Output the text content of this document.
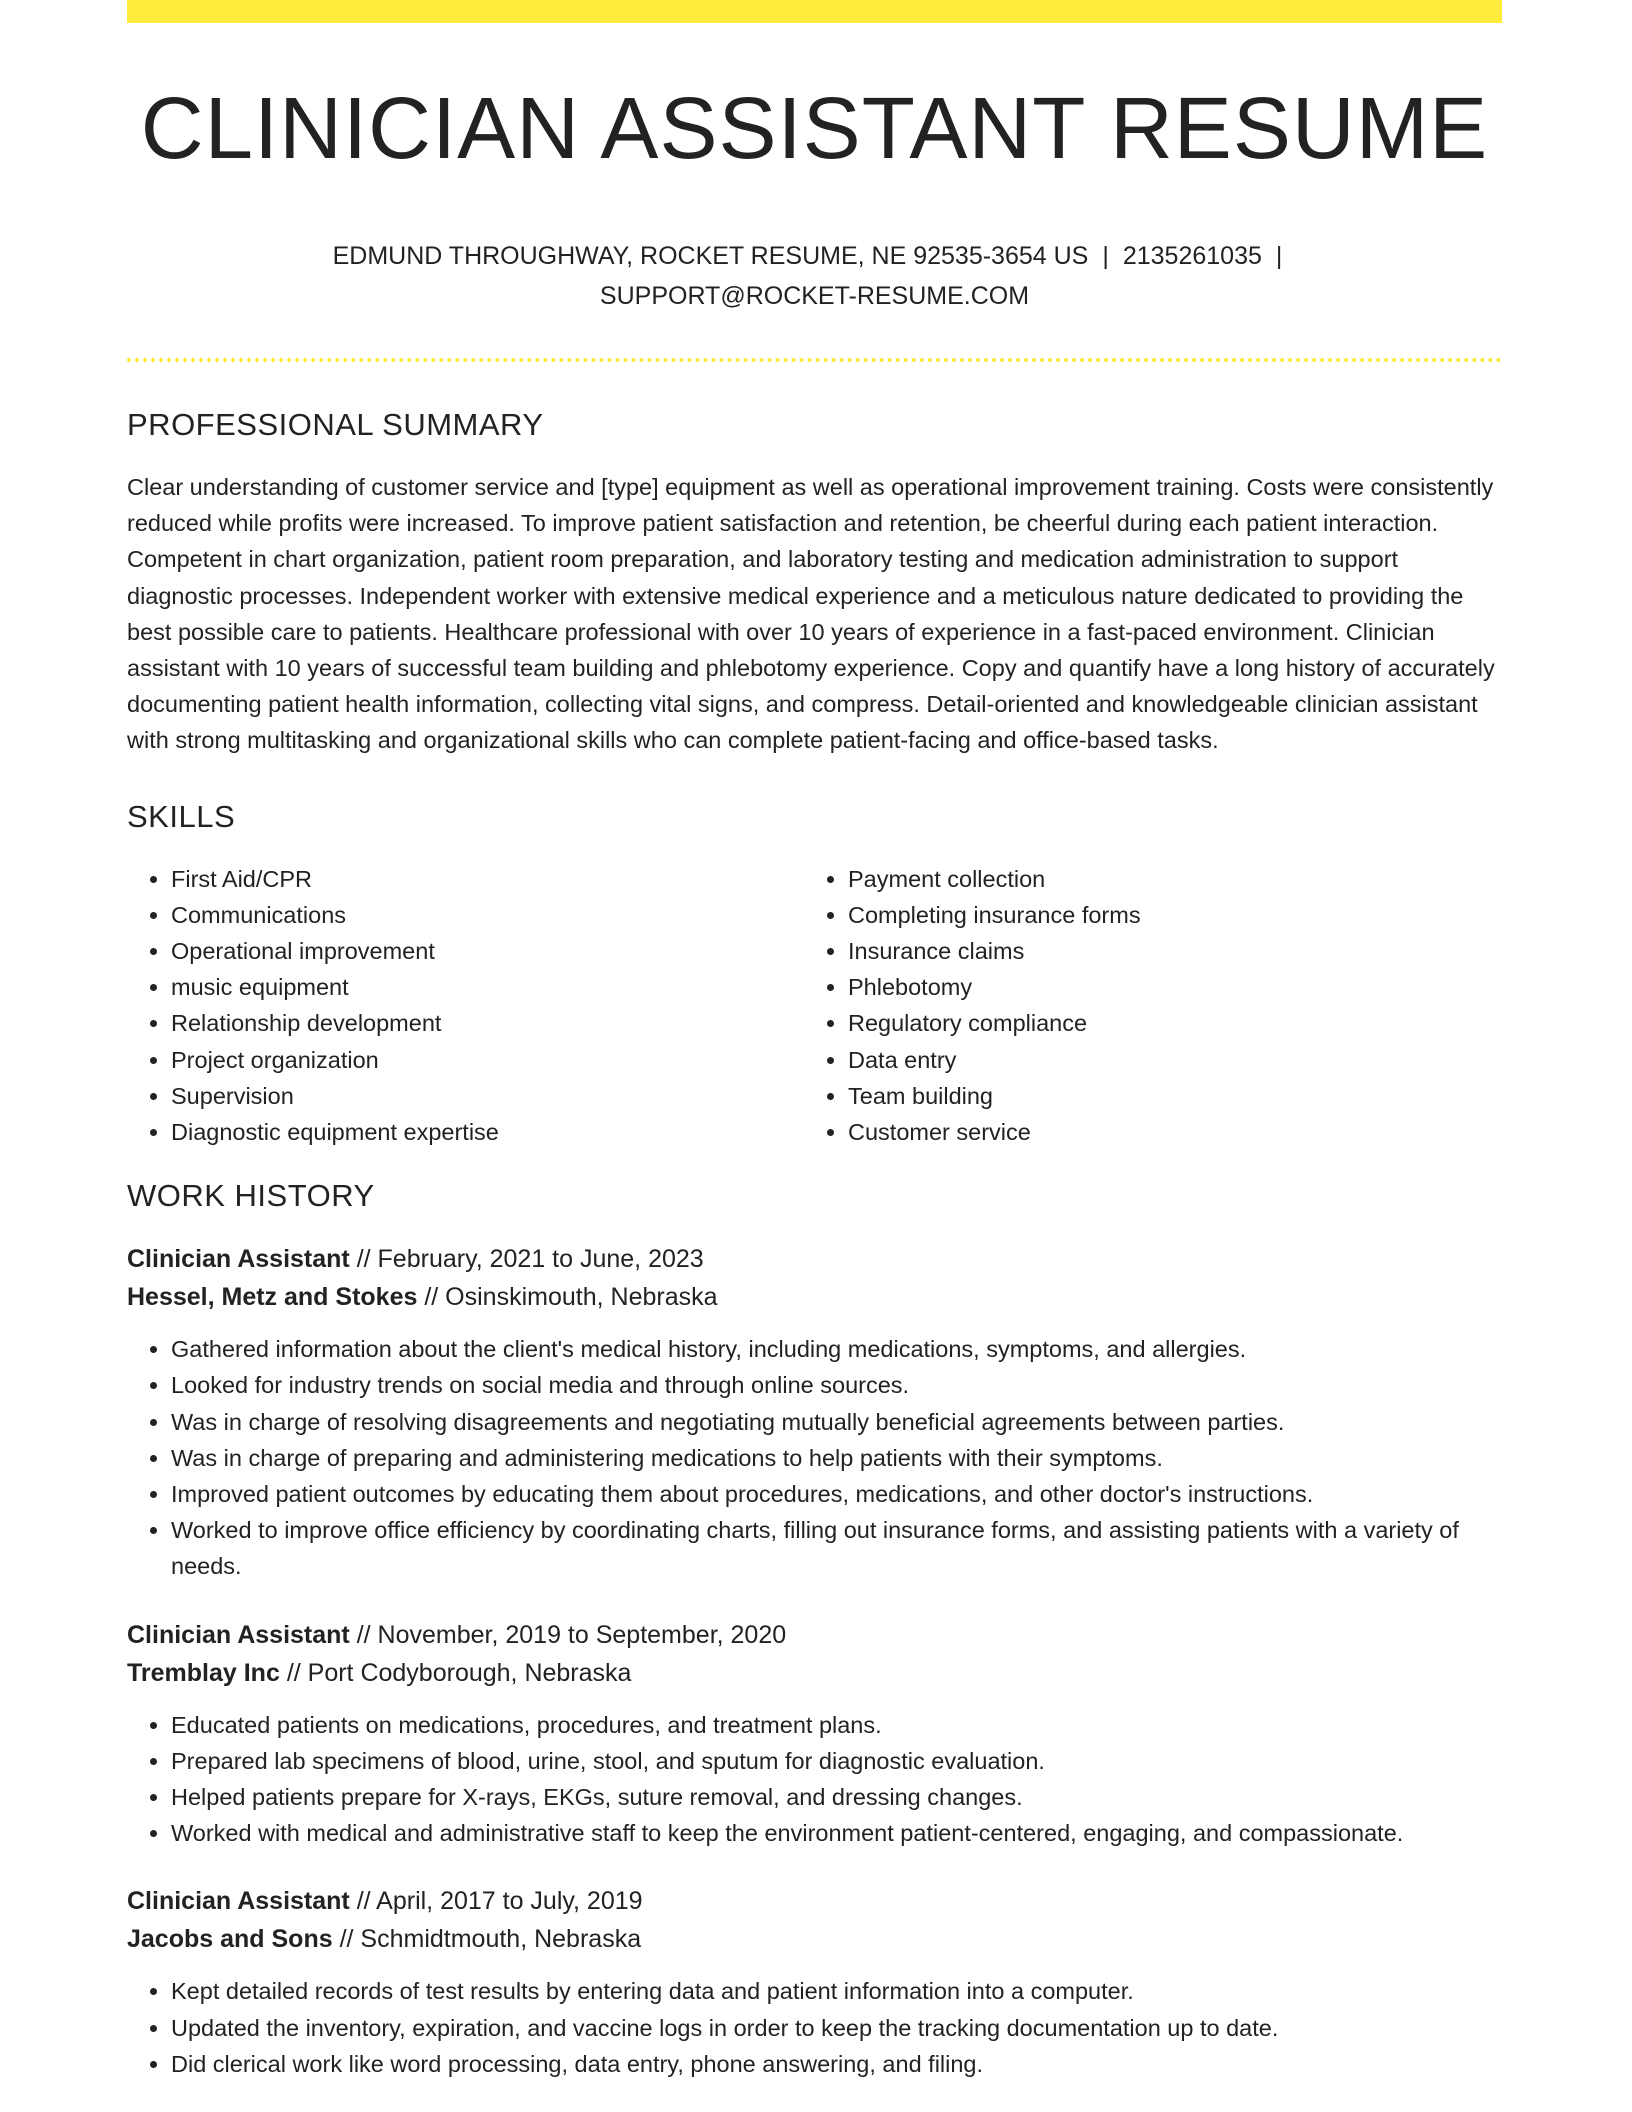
CLINICIAN ASSISTANT RESUME
EDMUND THROUGHWAY, ROCKET RESUME, NE 92535-3654 US | 2135261035 |
SUPPORT@ROCKET-RESUME.COM
PROFESSIONAL SUMMARY

Clear understanding of customer service and [type] equipment as well as operational improvement training. Costs were consistently reduced while profits were increased. To improve patient satisfaction and retention, be cheerful during each patient interaction. Competent in chart organization, patient room preparation, and laboratory testing and medication administration to support diagnostic processes. Independent worker with extensive medical experience and a meticulous nature dedicated to providing the best possible care to patients. Healthcare professional with over 10 years of experience in a fast-paced environment. Clinician assistant with 10 years of successful team building and phlebotomy experience. Copy and quantify have a long history of accurately documenting patient health information, collecting vital signs, and compress. Detail-oriented and knowledgeable clinician assistant with strong multitasking and organizational skills who can complete patient-facing and office-based tasks.

SKILLS
• First Aid/CPR
• Communications
• Operational improvement
• music equipment
• Relationship development
• Project organization
• Supervision
• Diagnostic equipment expertise
• Payment collection
• Completing insurance forms
• Insurance claims
• Phlebotomy
• Regulatory compliance
• Data entry
• Team building
• Customer service
WORK HISTORY
Clinician Assistant // February, 2021 to June, 2023
Hessel, Metz and Stokes // Osinskimouth, Nebraska
• Gathered information about the client's medical history, including medications, symptoms, and allergies.
• Looked for industry trends on social media and through online sources.
• Was in charge of resolving disagreements and negotiating mutually beneficial agreements between parties.
• Was in charge of preparing and administering medications to help patients with their symptoms.
• Improved patient outcomes by educating them about procedures, medications, and other doctor's instructions.
• Worked to improve office efficiency by coordinating charts, filling out insurance forms, and assisting patients with a variety of needs.
Clinician Assistant // November, 2019 to September, 2020
Tremblay Inc // Port Codyborough, Nebraska
• Educated patients on medications, procedures, and treatment plans.
• Prepared lab specimens of blood, urine, stool, and sputum for diagnostic evaluation.
• Helped patients prepare for X-rays, EKGs, suture removal, and dressing changes.
• Worked with medical and administrative staff to keep the environment patient-centered, engaging, and compassionate.
Clinician Assistant // April, 2017 to July, 2019
Jacobs and Sons // Schmidtmouth, Nebraska
• Kept detailed records of test results by entering data and patient information into a computer.
• Updated the inventory, expiration, and vaccine logs in order to keep the tracking documentation up to date.
• Did clerical work like word processing, data entry, phone answering, and filing.
